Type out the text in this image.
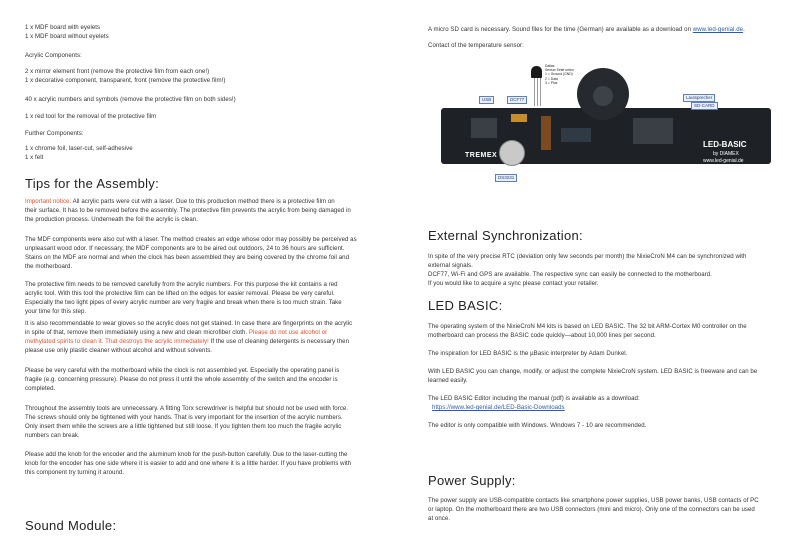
1 x MDF board with eyelets

1 x MDF board without eyelets

Acrylic Components:

2 x mirror element front (remove the protective film from each one!)

1 x decorative component, transparent, front (remove the protective film!)

40 x acrylic numbers and symbols (remove the protective film on both sides!)

1 x red tool for the removal of the protective film

Further Components:

1 x chrome foil, laser-cut, self-adhesive

1 x felt

Tips for the Assembly:

Important notice: All acrylic parts were cut with a laser. Due to this production method there is a protective film on

their surface. It has to be removed before the assembly. The protective film prevents the acrylic from being damaged in

the production process. Underneath the foil the acrylic is clean.

The MDF components were also cut with a laser. The method creates an edge whose odor may possibly be perceived as

unpleasant wood odor. If necessary, the MDF components are to be aired out outdoors, 24 to 36 hours are sufficient.

Stains on the MDF are normal and when the clock has been assembled they are being covered by the chrome foil and

the motherboard.

The protective film needs to be removed carefully from the acrylic numbers. For this purpose the kit contains a red

acrylic tool. With this tool the protective film can be lifted on the edges for easier removal. Please be very careful.

Especially the two light pipes of every acrylic number are very fragile and break when there is too much strain. Take

your time for this step.

It is also recommendable to wear gloves so the acrylic does not get stained. In case there are fingerprints on the acrylic

in spite of that, remove them immediately using a new and clean microfiber cloth. Please do not use alcohol or

methylated spirits to clean it. That destroys the acrylic immediately! If the use of cleaning detergents is necessary then

please use only plastic cleaner without alcohol and without solvents.

Please be very careful with the motherboard while the clock is not assembled yet. Especially the operating panel is

fragile (e.g. concerning pressure). Please do not press it until the whole assembly of the switch and the encoder is

completed.

Throughout the assembly tools are unnecessary. A fitting Torx screwdriver is helpful but should not be used with force.

The screws should only be tightened with your hands. That is very important for the insertion of the acrylic numbers.

Only insert them while the screws are a little tightened but still loose. If you tighten them too much the fragile acrylic

numbers can break.

Please add the knob for the encoder and the aluminum knob for the push-button carefully. Due to the laser-cutting the

knob for the encoder has one side where it is easier to add and one where it is a little harder. If you have problems with

this component try turning it around.

Sound Module:

A micro SD card is necessary. Sound files for the time (German) are available as a download on www.led-genial.de.

Contact of the temperature sensor:

Dallas
Sensor Seite unten
1 = Ground (GND)
2 = Data
3 = Plus
USB	DCF77	Lautsprecher
SD-CARD
DS3231
TREMEX
LED-BASIC
by DIAMEX
www.led-genial.de
External Synchronization:

In spite of the very precise RTC (deviation only few seconds per month) the NixieCroN M4 can be synchronized with

external signals.

DCF77, Wi-Fi and GPS are available. The respective sync can easily be connected to the motherboard.

If you would like to acquire a sync please contact your retailer.

LED BASIC:

The operating system of the NixieCroN M4 kits is based on LED BASIC. The 32 bit ARM-Cortex M0 controller on the

motherboard can process the BASIC code quickly—about 10,000 lines per second.

The inspiration for LED BASIC is the µBasic interpreter by Adam Dunkel.

With LED BASIC you can change, modify, or adjust the complete NixieCroN system. LED BASIC is freeware and can be

learned easily.

The LED BASIC Editor including the manual (pdf) is available as a download:

https://www.led-genial.de/LED-Basic-Downloads

The editor is only compatible with Windows. Windows 7 - 10 are recommended.

Power Supply:

The power supply are USB-compatible contacts like smartphone power supplies, USB power banks, USB contacts of PC

or laptop. On the motherboard there are two USB connectors (mini and micro). Only one of the connectors can be used

at once.
